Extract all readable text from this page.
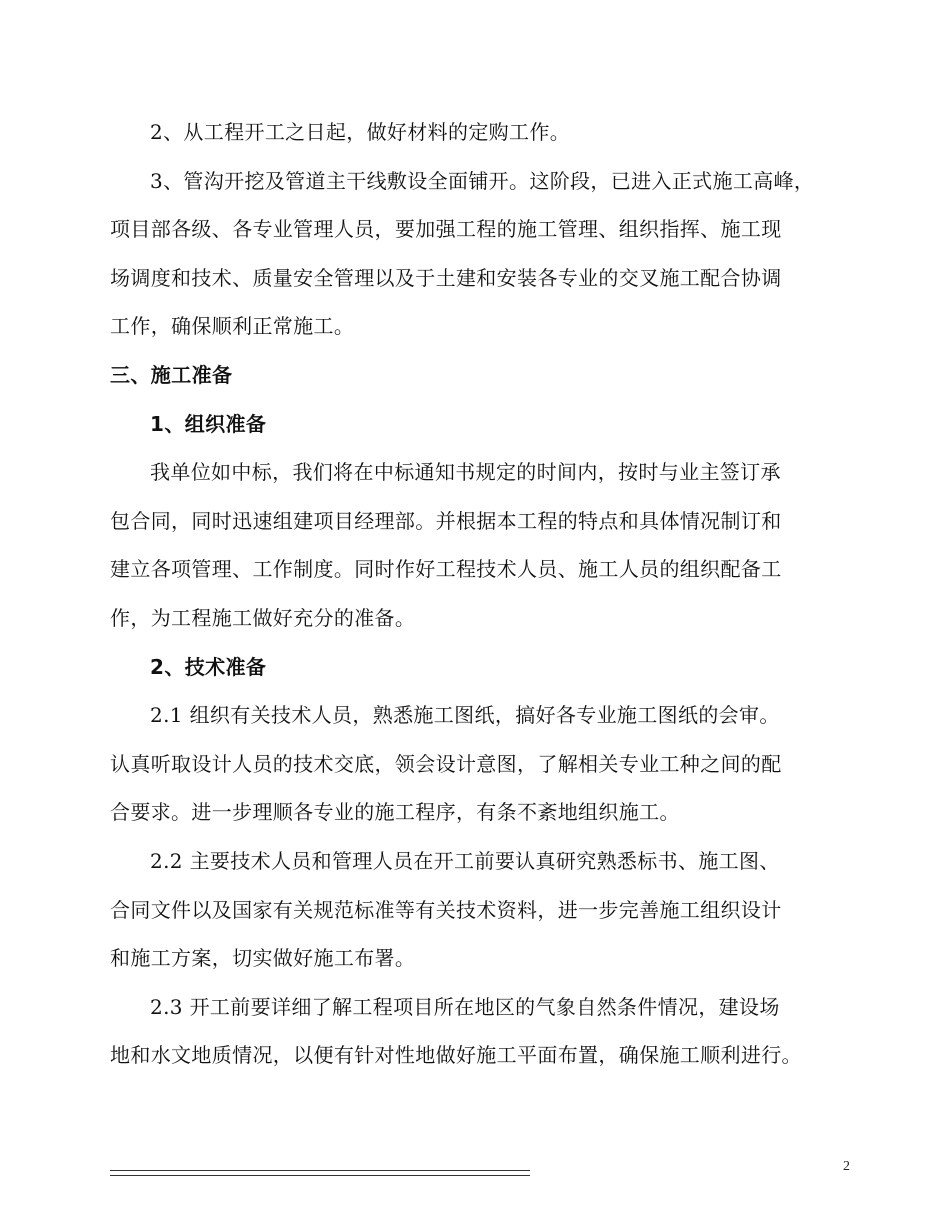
2、从工程开工之日起，做好材料的定购工作。
3、管沟开挖及管道主干线敷设全面铺开。这阶段，已进入正式施工高峰，
项目部各级、各专业管理人员，要加强工程的施工管理、组织指挥、施工现
场调度和技术、质量安全管理以及于土建和安装各专业的交叉施工配合协调
工作，确保顺利正常施工。
三、施工准备
1、组织准备
我单位如中标，我们将在中标通知书规定的时间内，按时与业主签订承
包合同，同时迅速组建项目经理部。并根据本工程的特点和具体情况制订和
建立各项管理、工作制度。同时作好工程技术人员、施工人员的组织配备工
作，为工程施工做好充分的准备。
2、技术准备
2.1 组织有关技术人员，熟悉施工图纸，搞好各专业施工图纸的会审。
认真听取设计人员的技术交底，领会设计意图，了解相关专业工种之间的配
合要求。进一步理顺各专业的施工程序，有条不紊地组织施工。
2.2 主要技术人员和管理人员在开工前要认真研究熟悉标书、施工图、
合同文件以及国家有关规范标准等有关技术资料，进一步完善施工组织设计
和施工方案，切实做好施工布署。
2.3 开工前要详细了解工程项目所在地区的气象自然条件情况，建设场
地和水文地质情况，以便有针对性地做好施工平面布置，确保施工顺利进行。
2
